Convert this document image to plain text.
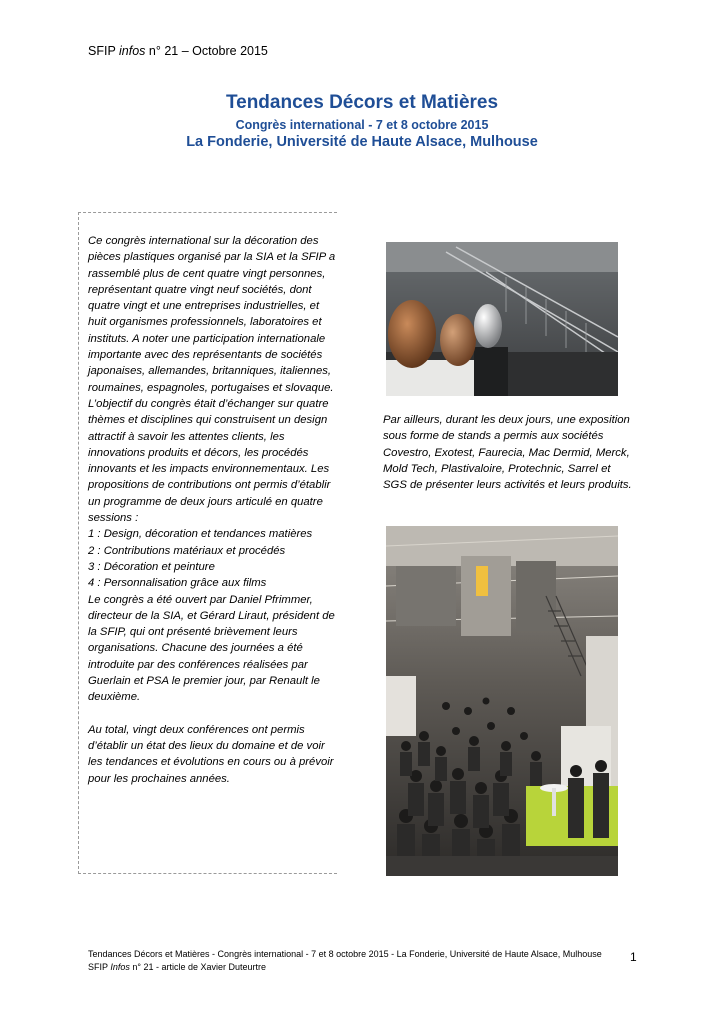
SFIP infos n° 21 – Octobre 2015
Tendances Décors et Matières
Congrès international - 7 et 8 octobre 2015
La Fonderie, Université de Haute Alsace, Mulhouse

Ce congrès international sur la décoration des pièces plastiques organisé par la SIA et la SFIP a rassemblé plus de cent quatre vingt personnes, représentant quatre vingt neuf sociétés, dont quatre vingt et une entreprises industrielles, et huit organismes professionnels, laboratoires et instituts. A noter une participation internationale importante avec des représentants de sociétés japonaises, allemandes, britanniques, italiennes, roumaines, espagnoles, portugaises et slovaque.

L’objectif du congrès était d’échanger sur quatre thèmes et disciplines qui construisent un design attractif à savoir les attentes clients, les innovations produits et décors, les procédés innovants et les impacts environnementaux. Les propositions de contributions ont permis d’établir un programme de deux jours articulé en quatre sessions :

1 : Design, décoration et tendances matières

2 : Contributions matériaux et procédés

3 : Décoration et peinture

4 : Personnalisation grâce aux films

Le congrès a été ouvert par Daniel Pfrimmer, directeur de la SIA, et Gérard Liraut, président de la SFIP, qui ont présenté brièvement leurs organisations. Chacune des journées a été introduite par des conférences réalisées par Guerlain et PSA le premier jour, par Renault le deuxième.

Au total, vingt deux conférences ont permis d’établir un état des lieux du domaine et de voir les tendances et évolutions en cours ou à prévoir pour les prochaines années.

Par ailleurs, durant les deux jours, une exposition sous forme de stands a permis aux sociétés Covestro, Exotest, Faurecia, Mac Dermid, Merck, Mold Tech, Plastivaloire, Protechnic, Sarrel et SGS de présenter leurs activités et leurs produits.
Tendances Décors et Matières - Congrès international - 7 et 8 octobre 2015 - La Fonderie, Université de Haute Alsace, Mulhouse
SFIP Infos n° 21 - article de Xavier Duteurtre
1
